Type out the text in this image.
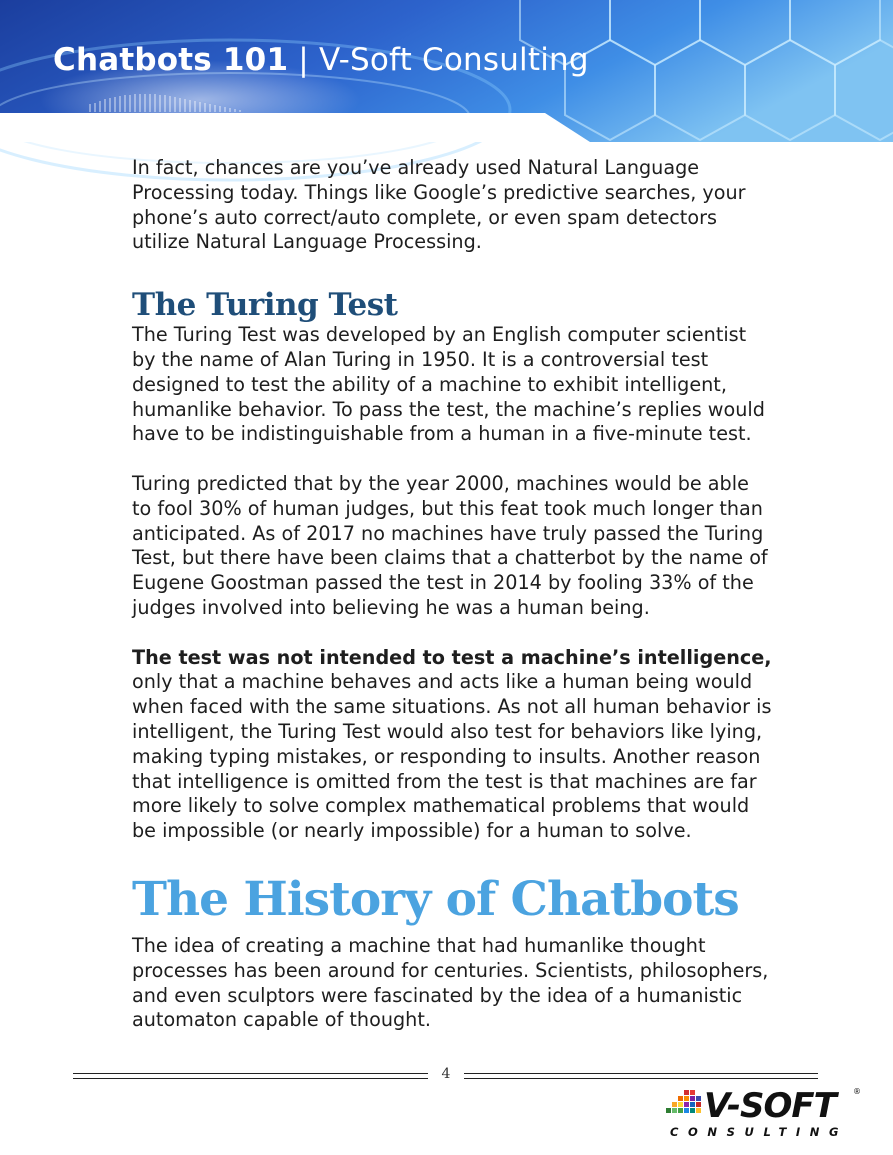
Chatbots 101 | V-Soft Consulting

In fact, chances are you’ve already used Natural Language Processing today. Things like Google’s predictive searches, your phone’s auto correct/auto complete, or even spam detectors utilize Natural Language Processing.

The Turing Test

The Turing Test was developed by an English computer scientist by the name of Alan Turing in 1950. It is a controversial test designed to test the ability of a machine to exhibit intelligent, humanlike behavior. To pass the test, the machine’s replies would have to be indistinguishable from a human in a five-minute test.

Turing predicted that by the year 2000, machines would be able to fool 30% of human judges, but this feat took much longer than anticipated. As of 2017 no machines have truly passed the Turing Test, but there have been claims that a chatterbot by the name of Eugene Goostman passed the test in 2014 by fooling 33% of the judges involved into believing he was a human being.

The test was not intended to test a machine’s intelligence, only that a machine behaves and acts like a human being would when faced with the same situations. As not all human behavior is intelligent, the Turing Test would also test for behaviors like lying, making typing mistakes, or responding to insults. Another reason that intelligence is omitted from the test is that machines are far more likely to solve complex mathematical problems that would be impossible (or nearly impossible) for a human to solve.

The History of Chatbots

The idea of creating a machine that had humanlike thought processes has been around for centuries. Scientists, philosophers, and even sculptors were fascinated by the idea of a humanistic automaton capable of thought.

4
V-SOFT	®
CONSULTING
